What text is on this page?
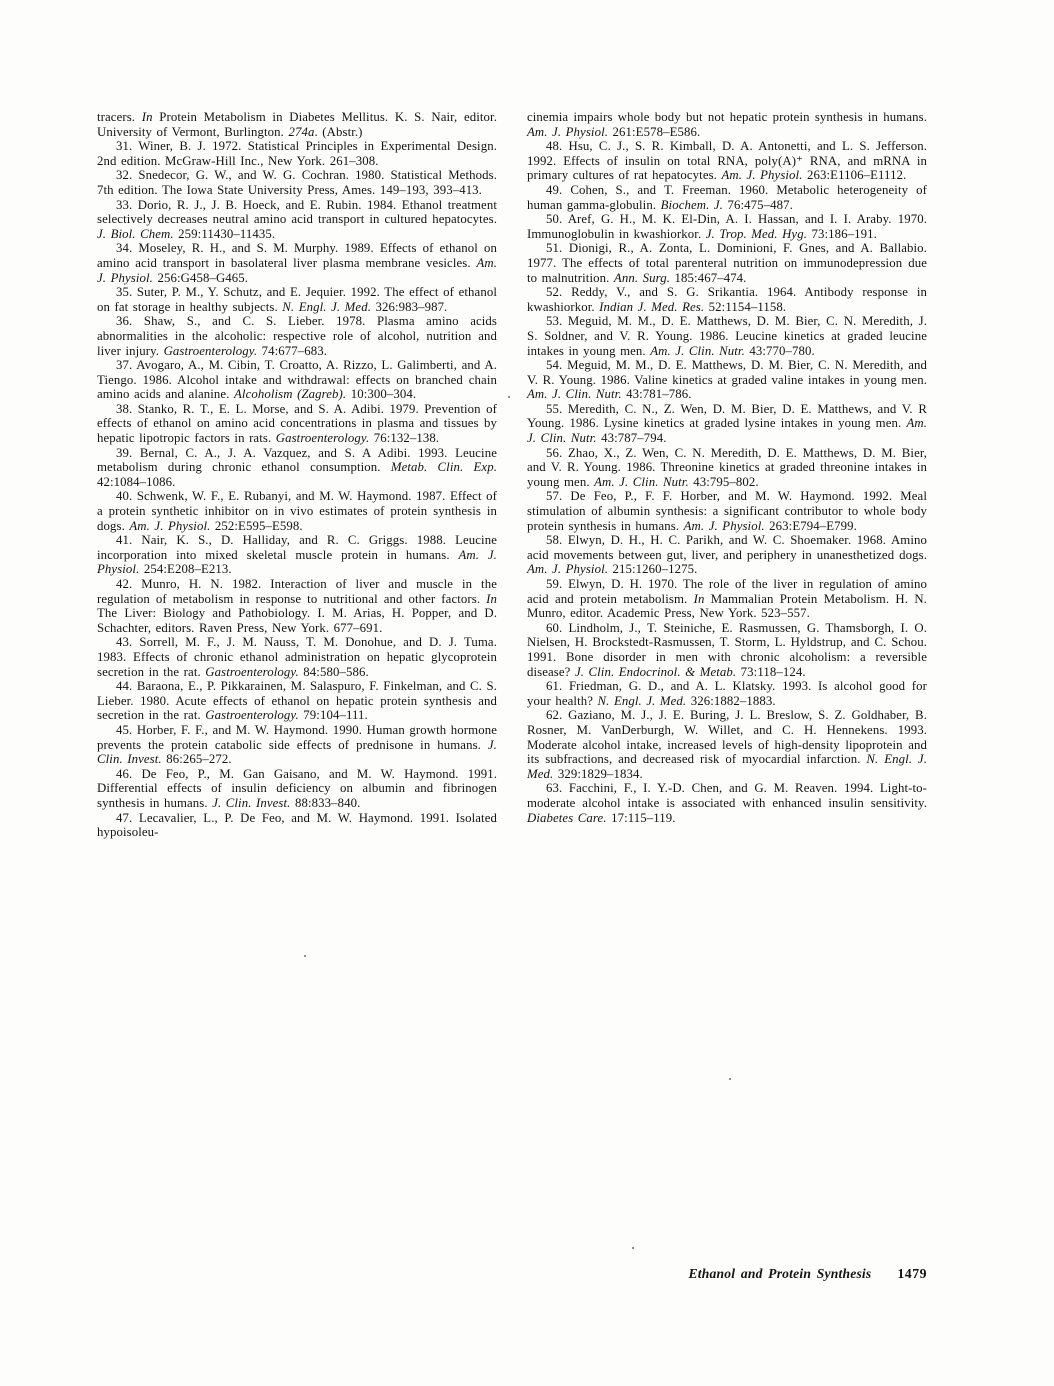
tracers. In Protein Metabolism in Diabetes Mellitus. K. S. Nair, editor. University of Vermont, Burlington. 274a. (Abstr.)

31. Winer, B. J. 1972. Statistical Principles in Experimental Design. 2nd edition. McGraw-Hill Inc., New York. 261–308.

32. Snedecor, G. W., and W. G. Cochran. 1980. Statistical Methods. 7th edition. The Iowa State University Press, Ames. 149–193, 393–413.

33. Dorio, R. J., J. B. Hoeck, and E. Rubin. 1984. Ethanol treatment selectively decreases neutral amino acid transport in cultured hepatocytes. J. Biol. Chem. 259:11430–11435.

34. Moseley, R. H., and S. M. Murphy. 1989. Effects of ethanol on amino acid transport in basolateral liver plasma membrane vesicles. Am. J. Physiol. 256:G458–G465.

35. Suter, P. M., Y. Schutz, and E. Jequier. 1992. The effect of ethanol on fat storage in healthy subjects. N. Engl. J. Med. 326:983–987.

36. Shaw, S., and C. S. Lieber. 1978. Plasma amino acids abnormalities in the alcoholic: respective role of alcohol, nutrition and liver injury. Gastroenterology. 74:677–683.

37. Avogaro, A., M. Cibin, T. Croatto, A. Rizzo, L. Galimberti, and A. Tiengo. 1986. Alcohol intake and withdrawal: effects on branched chain amino acids and alanine. Alcoholism (Zagreb). 10:300–304.

38. Stanko, R. T., E. L. Morse, and S. A. Adibi. 1979. Prevention of effects of ethanol on amino acid concentrations in plasma and tissues by hepatic lipotropic factors in rats. Gastroenterology. 76:132–138.

39. Bernal, C. A., J. A. Vazquez, and S. A Adibi. 1993. Leucine metabolism during chronic ethanol consumption. Metab. Clin. Exp. 42:1084–1086.

40. Schwenk, W. F., E. Rubanyi, and M. W. Haymond. 1987. Effect of a protein synthetic inhibitor on in vivo estimates of protein synthesis in dogs. Am. J. Physiol. 252:E595–E598.

41. Nair, K. S., D. Halliday, and R. C. Griggs. 1988. Leucine incorporation into mixed skeletal muscle protein in humans. Am. J. Physiol. 254:E208–E213.

42. Munro, H. N. 1982. Interaction of liver and muscle in the regulation of metabolism in response to nutritional and other factors. In The Liver: Biology and Pathobiology. I. M. Arias, H. Popper, and D. Schachter, editors. Raven Press, New York. 677–691.

43. Sorrell, M. F., J. M. Nauss, T. M. Donohue, and D. J. Tuma. 1983. Effects of chronic ethanol administration on hepatic glycoprotein secretion in the rat. Gastroenterology. 84:580–586.

44. Baraona, E., P. Pikkarainen, M. Salaspuro, F. Finkelman, and C. S. Lieber. 1980. Acute effects of ethanol on hepatic protein synthesis and secretion in the rat. Gastroenterology. 79:104–111.

45. Horber, F. F., and M. W. Haymond. 1990. Human growth hormone prevents the protein catabolic side effects of prednisone in humans. J. Clin. Invest. 86:265–272.

46. De Feo, P., M. Gan Gaisano, and M. W. Haymond. 1991. Differential effects of insulin deficiency on albumin and fibrinogen synthesis in humans. J. Clin. Invest. 88:833–840.

47. Lecavalier, L., P. De Feo, and M. W. Haymond. 1991. Isolated hypoisoleu-

cinemia impairs whole body but not hepatic protein synthesis in humans. Am. J. Physiol. 261:E578–E586.

48. Hsu, C. J., S. R. Kimball, D. A. Antonetti, and L. S. Jefferson. 1992. Effects of insulin on total RNA, poly(A)⁺ RNA, and mRNA in primary cultures of rat hepatocytes. Am. J. Physiol. 263:E1106–E1112.

49. Cohen, S., and T. Freeman. 1960. Metabolic heterogeneity of human gamma-globulin. Biochem. J. 76:475–487.

50. Aref, G. H., M. K. El-Din, A. I. Hassan, and I. I. Araby. 1970. Immunoglobulin in kwashiorkor. J. Trop. Med. Hyg. 73:186–191.

51. Dionigi, R., A. Zonta, L. Dominioni, F. Gnes, and A. Ballabio. 1977. The effects of total parenteral nutrition on immunodepression due to malnutrition. Ann. Surg. 185:467–474.

52. Reddy, V., and S. G. Srikantia. 1964. Antibody response in kwashiorkor. Indian J. Med. Res. 52:1154–1158.

53. Meguid, M. M., D. E. Matthews, D. M. Bier, C. N. Meredith, J. S. Soldner, and V. R. Young. 1986. Leucine kinetics at graded leucine intakes in young men. Am. J. Clin. Nutr. 43:770–780.

54. Meguid, M. M., D. E. Matthews, D. M. Bier, C. N. Meredith, and V. R. Young. 1986. Valine kinetics at graded valine intakes in young men. Am. J. Clin. Nutr. 43:781–786.

55. Meredith, C. N., Z. Wen, D. M. Bier, D. E. Matthews, and V. R Young. 1986. Lysine kinetics at graded lysine intakes in young men. Am. J. Clin. Nutr. 43:787–794.

56. Zhao, X., Z. Wen, C. N. Meredith, D. E. Matthews, D. M. Bier, and V. R. Young. 1986. Threonine kinetics at graded threonine intakes in young men. Am. J. Clin. Nutr. 43:795–802.

57. De Feo, P., F. F. Horber, and M. W. Haymond. 1992. Meal stimulation of albumin synthesis: a significant contributor to whole body protein synthesis in humans. Am. J. Physiol. 263:E794–E799.

58. Elwyn, D. H., H. C. Parikh, and W. C. Shoemaker. 1968. Amino acid movements between gut, liver, and periphery in unanesthetized dogs. Am. J. Physiol. 215:1260–1275.

59. Elwyn, D. H. 1970. The role of the liver in regulation of amino acid and protein metabolism. In Mammalian Protein Metabolism. H. N. Munro, editor. Academic Press, New York. 523–557.

60. Lindholm, J., T. Steiniche, E. Rasmussen, G. Thamsborgh, I. O. Nielsen, H. Brockstedt-Rasmussen, T. Storm, L. Hyldstrup, and C. Schou. 1991. Bone disorder in men with chronic alcoholism: a reversible disease? J. Clin. Endocrinol. & Metab. 73:118–124.

61. Friedman, G. D., and A. L. Klatsky. 1993. Is alcohol good for your health? N. Engl. J. Med. 326:1882–1883.

62. Gaziano, M. J., J. E. Buring, J. L. Breslow, S. Z. Goldhaber, B. Rosner, M. VanDerburgh, W. Willet, and C. H. Hennekens. 1993. Moderate alcohol intake, increased levels of high-density lipoprotein and its subfractions, and decreased risk of myocardial infarction. N. Engl. J. Med. 329:1829–1834.

63. Facchini, F., I. Y.-D. Chen, and G. M. Reaven. 1994. Light-to-moderate alcohol intake is associated with enhanced insulin sensitivity. Diabetes Care. 17:115–119.

Ethanol and Protein Synthesis 1479
